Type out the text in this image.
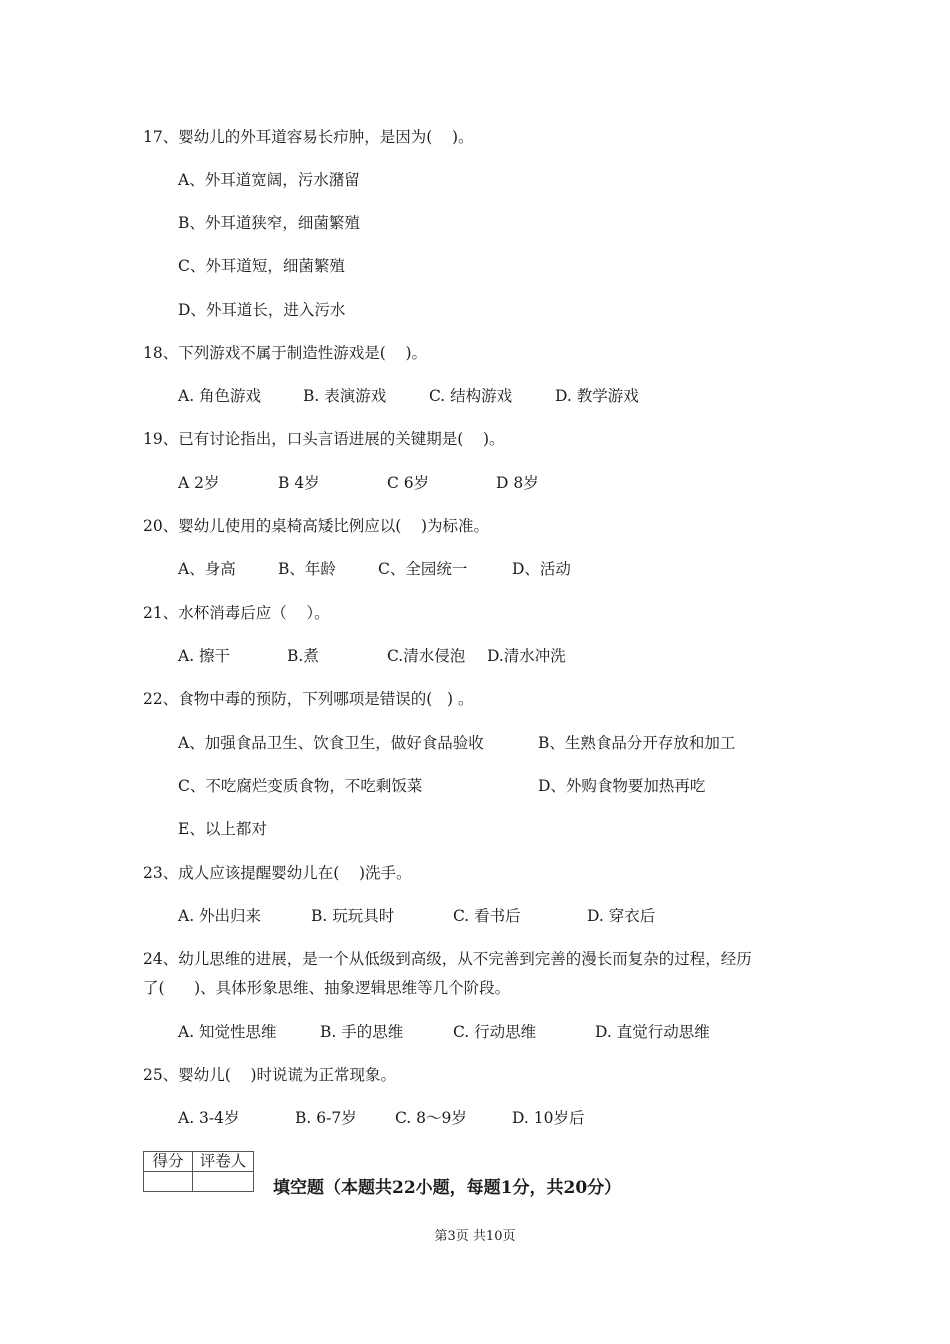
17、婴幼儿的外耳道容易长疖肿，是因为(    )。
A、外耳道宽阔，污水潴留
B、外耳道狭窄，细菌繁殖
C、外耳道短，细菌繁殖
D、外耳道长，进入污水
18、下列游戏不属于制造性游戏是(    )。
A. 角色游戏	B. 表演游戏	C. 结构游戏	D. 教学游戏
19、已有讨论指出，口头言语进展的关键期是(    )。
A 2岁	B 4岁	C 6岁	D 8岁
20、婴幼儿使用的桌椅高矮比例应以(    )为标准。
A、身高	B、年龄	C、全园统一	D、活动
21、水杯消毒后应（    ）。
A. 擦干	B.煮	C.清水侵泡 D.清水冲洗
22、食物中毒的预防，下列哪项是错误的(   ) 。
A、加强食品卫生、饮食卫生，做好食品验收	B、生熟食品分开存放和加工
C、不吃腐烂变质食物，不吃剩饭菜	D、外购食物要加热再吃
E、以上都对
23、成人应该提醒婴幼儿在(    )洗手。
A. 外出归来	B. 玩玩具时	C. 看书后	D. 穿衣后
24、幼儿思维的进展，是一个从低级到高级，从不完善到完善的漫长而复杂的过程，经历
了(      )、具体形象思维、抽象逻辑思维等几个阶段。
A. 知觉性思维	B. 手的思维	C. 行动思维	D. 直觉行动思维
25、婴幼儿(    )时说谎为正常现象。
A. 3-4岁	B. 6-7岁 C. 8～9岁	D. 10岁后
得分	评卷人

填空题（本题共22小题，每题1分，共20分）
第3页 共10页
